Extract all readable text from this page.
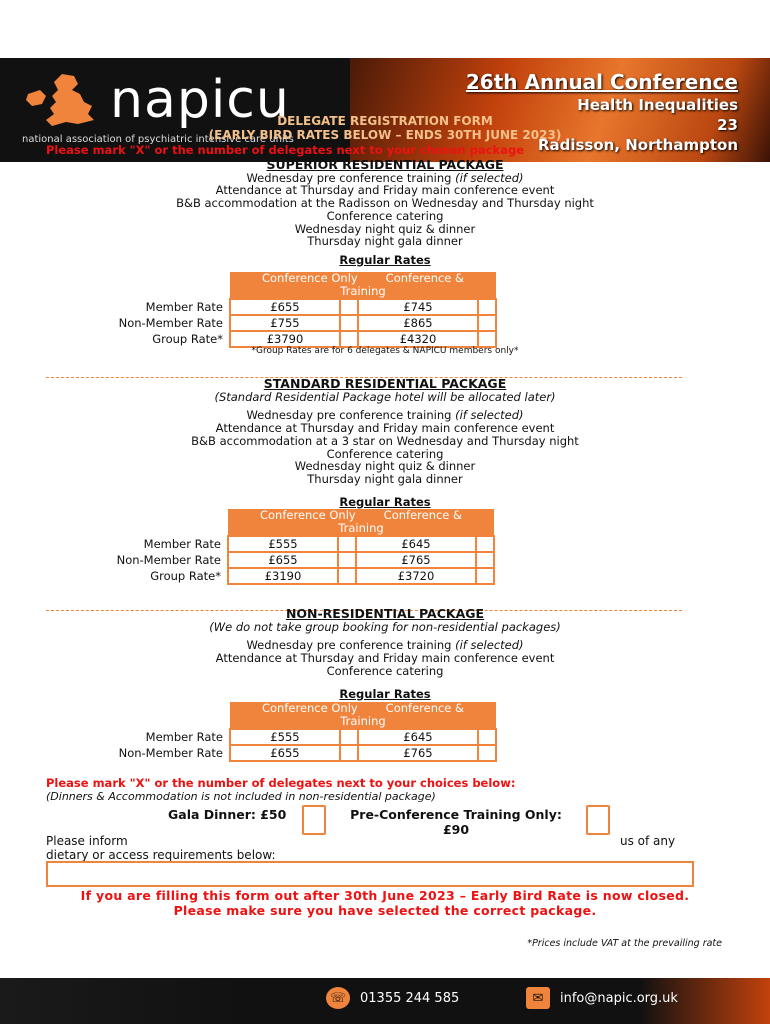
napicu
national association of psychiatric intensive care units
26th Annual Conference
Health Inequalities
23
Radisson, Northampton
DELEGATE REGISTRATION FORM
(EARLY BIRD RATES BELOW – ENDS 30TH JUNE 2023)
Please mark "X" or the number of delegates next to your chosen package
SUPERIOR RESIDENTIAL PACKAGE
Wednesday pre conference training (if selected)
Attendance at Thursday and Friday main conference event
B&B accommodation at the Radisson on Wednesday and Thursday night
Conference catering
Wednesday night quiz & dinner
Thursday night gala dinner
Regular Rates

	Conference Only Conference &
Training			

Member Rate	£655		£745	
Non-Member Rate	£755		£865	
Group Rate*	£3790		£4320	
*Group Rates are for 6 delegates & NAPICU members only*
STANDARD RESIDENTIAL PACKAGE
(Standard Residential Package hotel will be allocated later)
Wednesday pre conference training (if selected)
Attendance at Thursday and Friday main conference event
B&B accommodation at a 3 star on Wednesday and Thursday night
Conference catering
Wednesday night quiz & dinner
Thursday night gala dinner
Regular Rates

	Conference Only Conference &
Training			

Member Rate	£555		£645	
Non-Member Rate	£655		£765	
Group Rate*	£3190		£3720	
NON-RESIDENTIAL PACKAGE
(We do not take group booking for non-residential packages)
Wednesday pre conference training (if selected)
Attendance at Thursday and Friday main conference event
Conference catering
Regular Rates

	Conference Only Conference &
Training			

Member Rate	£555		£645	
Non-Member Rate	£655		£765	
Please mark "X" or the number of delegates next to your choices below:
(Dinners & Accommodation is not included in non-residential package)
Gala Dinner: £50	Pre-Conference Training Only:
£90
Please inform	us of any
dietary or access requirements below:
If you are filling this form out after 30th June 2023 – Early Bird Rate is now closed.
Please make sure you have selected the correct package.
*Prices include VAT at the prevailing rate
☏ 01355 244 585	✉	info@napic.org.uk
